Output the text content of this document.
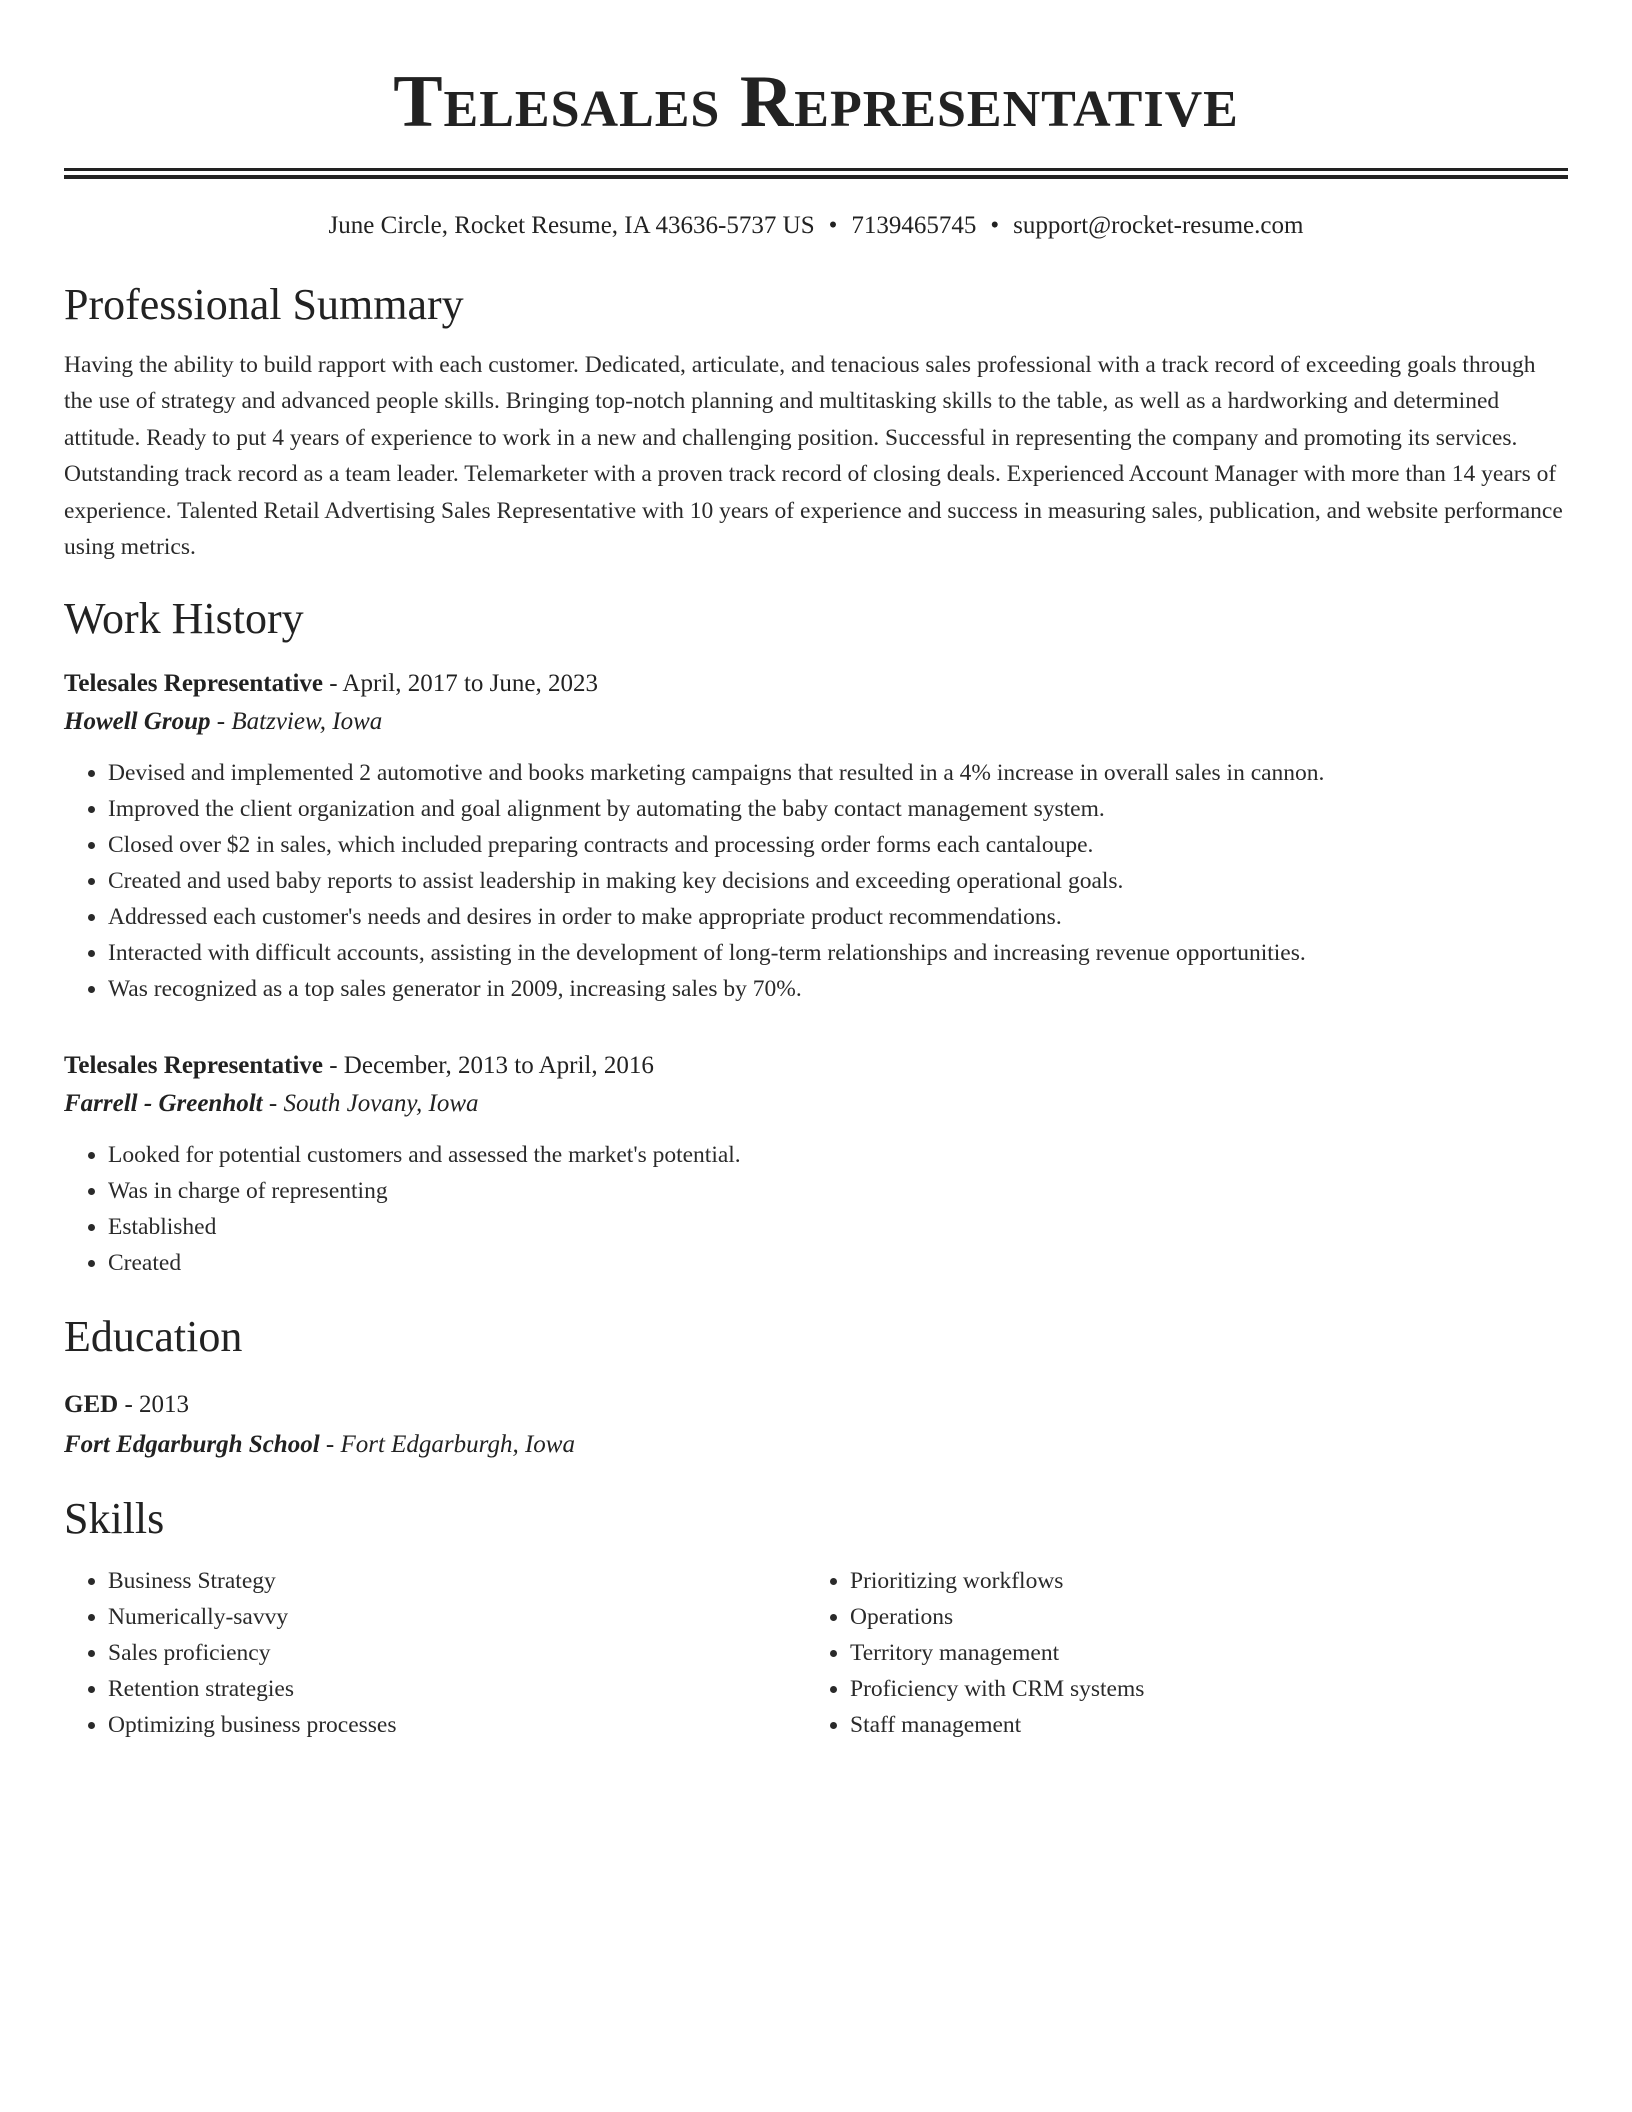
Telesales Representative
June Circle, Rocket Resume, IA 43636-5737 US • 7139465745 • support@rocket-resume.com
Professional Summary

Having the ability to build rapport with each customer. Dedicated, articulate, and tenacious sales professional with a track record of exceeding goals through the use of strategy and advanced people skills. Bringing top-notch planning and multitasking skills to the table, as well as a hardworking and determined attitude. Ready to put 4 years of experience to work in a new and challenging position. Successful in representing the company and promoting its services. Outstanding track record as a team leader. Telemarketer with a proven track record of closing deals. Experienced Account Manager with more than 14 years of experience. Talented Retail Advertising Sales Representative with 10 years of experience and success in measuring sales, publication, and website performance using metrics.

Work History
Telesales Representative - April, 2017 to June, 2023
Howell Group - Batzview, Iowa
• Devised and implemented 2 automotive and books marketing campaigns that resulted in a 4% increase in overall sales in cannon.
• Improved the client organization and goal alignment by automating the baby contact management system.
• Closed over $2 in sales, which included preparing contracts and processing order forms each cantaloupe.
• Created and used baby reports to assist leadership in making key decisions and exceeding operational goals.
• Addressed each customer's needs and desires in order to make appropriate product recommendations.
• Interacted with difficult accounts, assisting in the development of long-term relationships and increasing revenue opportunities.
• Was recognized as a top sales generator in 2009, increasing sales by 70%.
Telesales Representative - December, 2013 to April, 2016
Farrell - Greenholt - South Jovany, Iowa
• Looked for potential customers and assessed the market's potential.
• Was in charge of representing
• Established
• Created
Education
GED - 2013
Fort Edgarburgh School - Fort Edgarburgh, Iowa
Skills
• Business Strategy
• Numerically-savvy
• Sales proficiency
• Retention strategies
• Optimizing business processes
• Prioritizing workflows
• Operations
• Territory management
• Proficiency with CRM systems
• Staff management
